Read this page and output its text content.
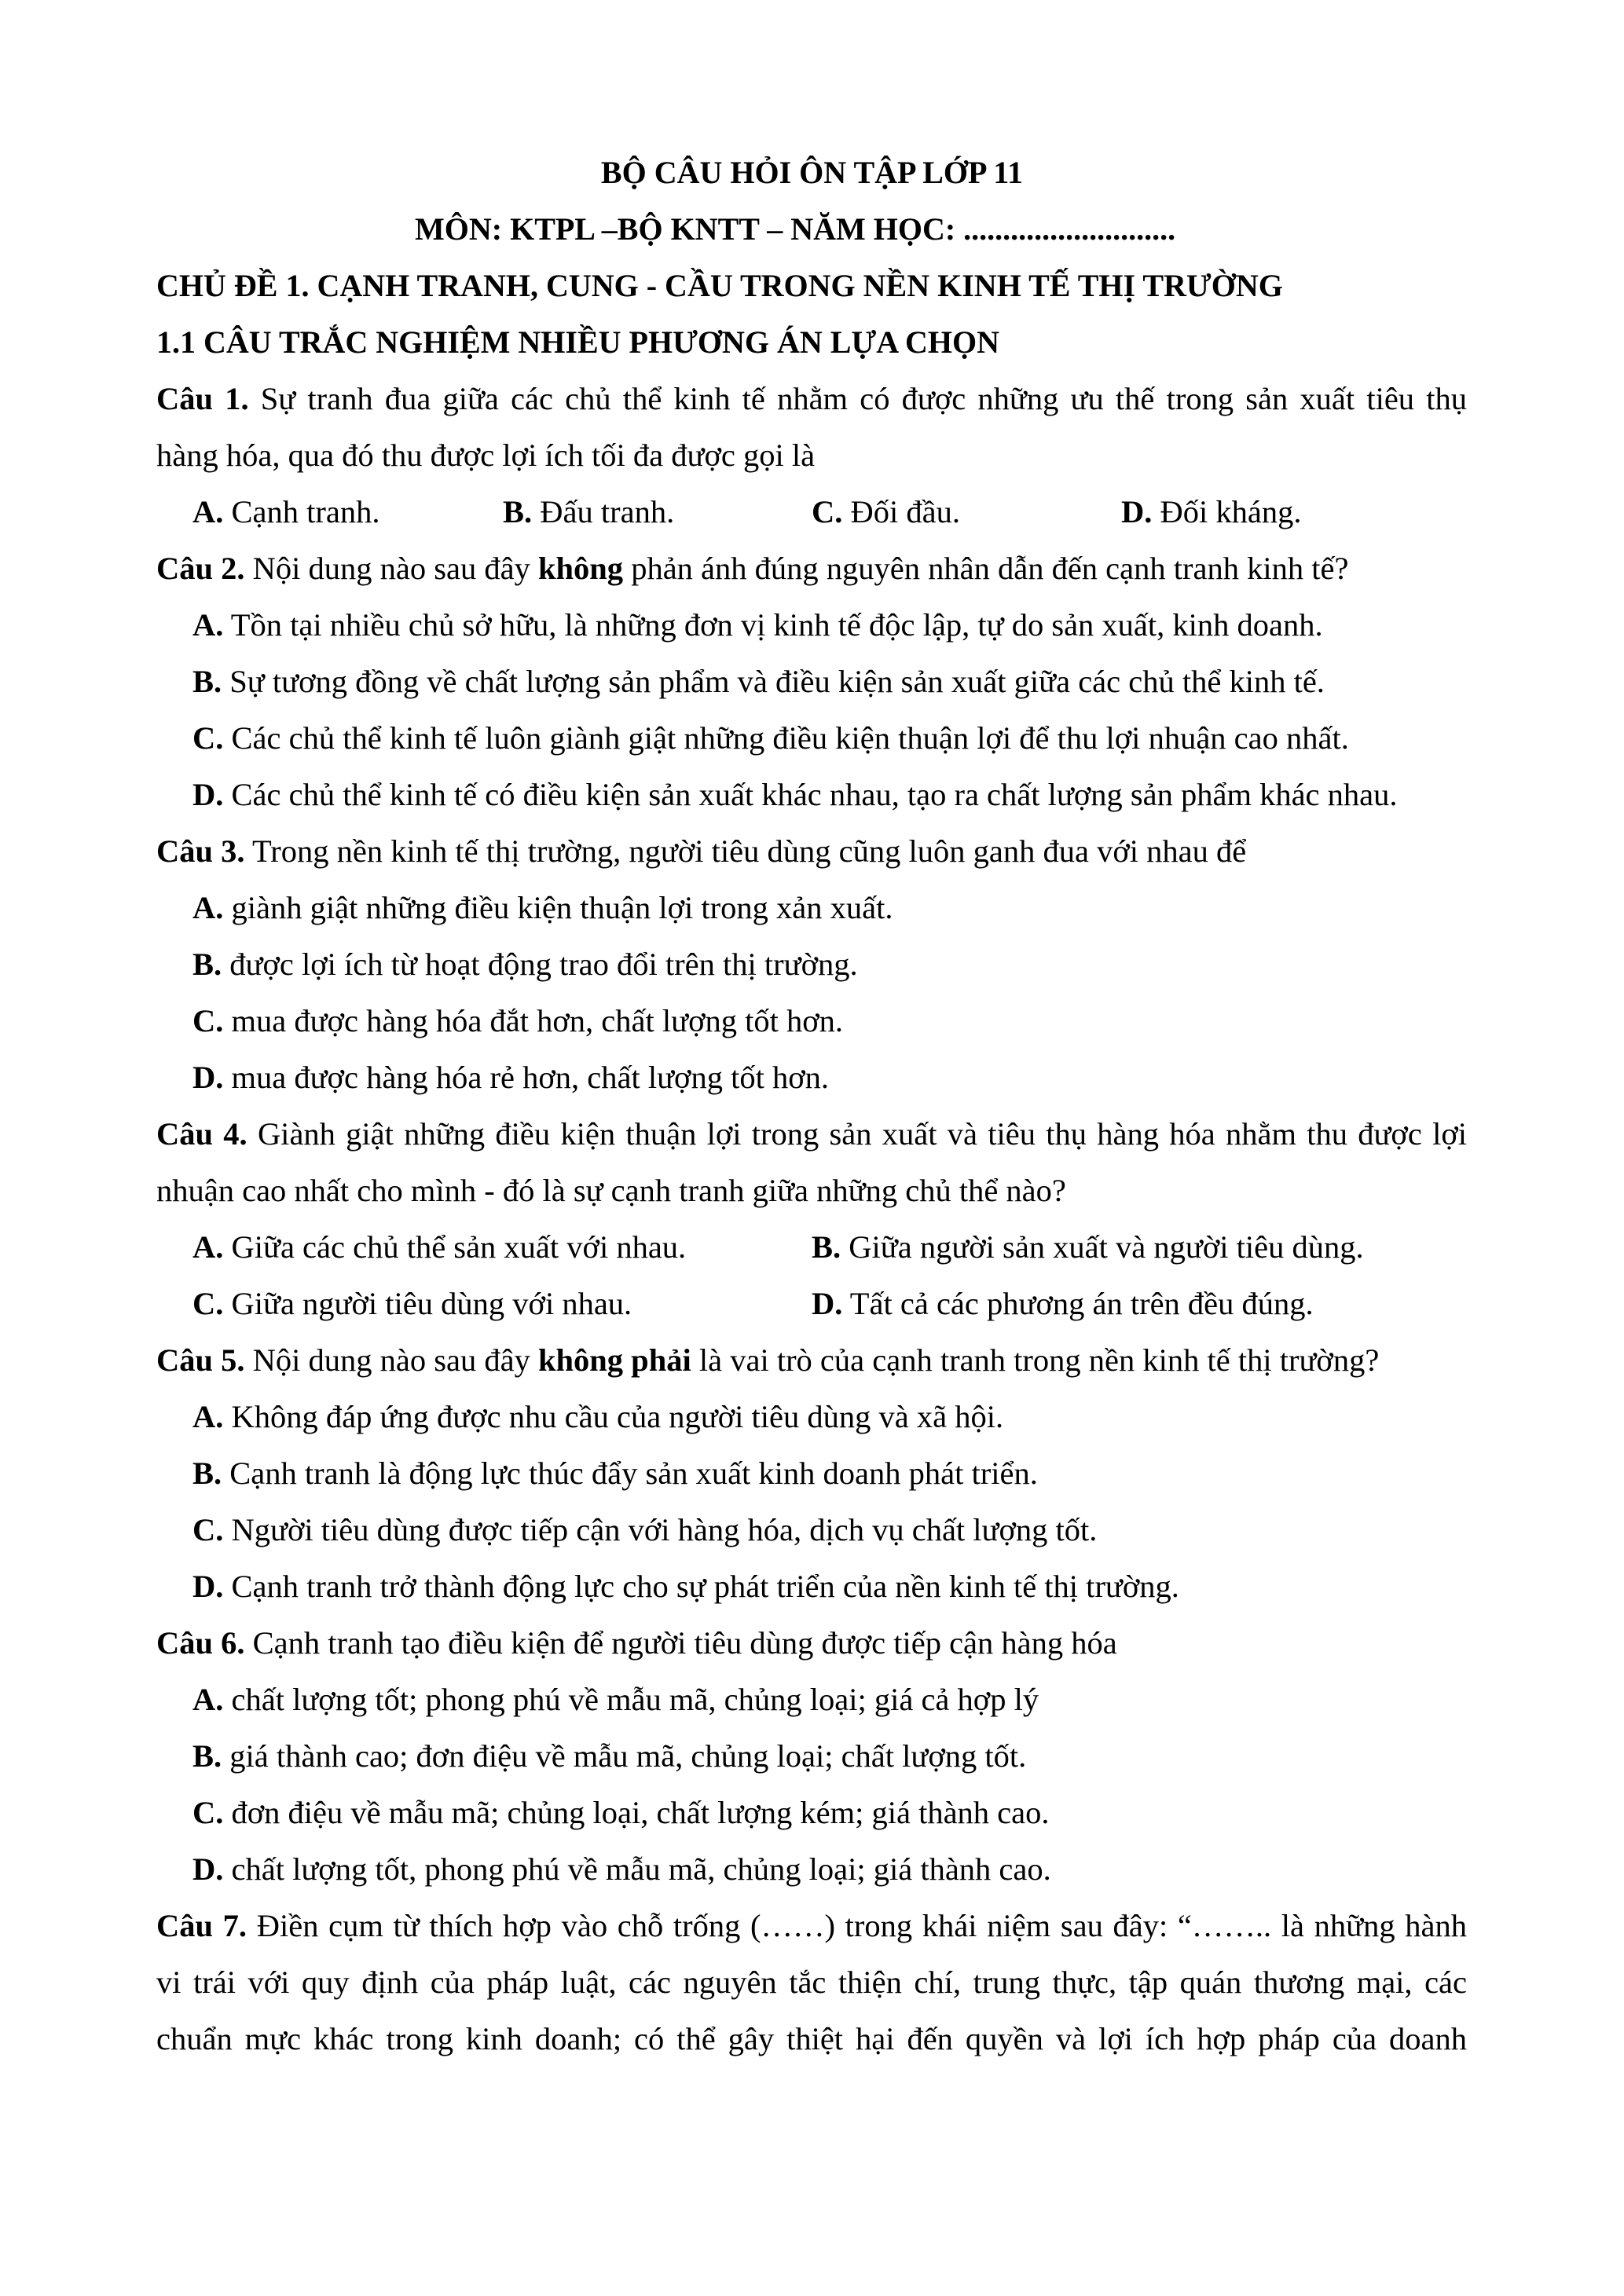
BỘ CÂU HỎI ÔN TẬP LỚP 11
MÔN: KTPL –BỘ KNTT – NĂM HỌC: ...........................
CHỦ ĐỀ 1. CẠNH TRANH, CUNG - CẦU TRONG NỀN KINH TẾ THỊ TRƯỜNG
1.1 CÂU TRẮC NGHIỆM NHIỀU PHƯƠNG ÁN LỰA CHỌN
Câu 1. Sự tranh đua giữa các chủ thể kinh tế nhằm có được những ưu thế trong sản xuất tiêu thụ
hàng hóa, qua đó thu được lợi ích tối đa được gọi là
A. Cạnh tranh.	B. Đấu tranh.	C. Đối đầu.	D. Đối kháng.
Câu 2. Nội dung nào sau đây không phản ánh đúng nguyên nhân dẫn đến cạnh tranh kinh tế?
A. Tồn tại nhiều chủ sở hữu, là những đơn vị kinh tế độc lập, tự do sản xuất, kinh doanh.
B. Sự tương đồng về chất lượng sản phẩm và điều kiện sản xuất giữa các chủ thể kinh tế.
C. Các chủ thể kinh tế luôn giành giật những điều kiện thuận lợi để thu lợi nhuận cao nhất.
D. Các chủ thể kinh tế có điều kiện sản xuất khác nhau, tạo ra chất lượng sản phẩm khác nhau.
Câu 3. Trong nền kinh tế thị trường, người tiêu dùng cũng luôn ganh đua với nhau để
A. giành giật những điều kiện thuận lợi trong xản xuất.
B. được lợi ích từ hoạt động trao đổi trên thị trường.
C. mua được hàng hóa đắt hơn, chất lượng tốt hơn.
D. mua được hàng hóa rẻ hơn, chất lượng tốt hơn.
Câu 4. Giành giật những điều kiện thuận lợi trong sản xuất và tiêu thụ hàng hóa nhằm thu được lợi
nhuận cao nhất cho mình - đó là sự cạnh tranh giữa những chủ thể nào?
A. Giữa các chủ thể sản xuất với nhau.	B. Giữa người sản xuất và người tiêu dùng.
C. Giữa người tiêu dùng với nhau.	D. Tất cả các phương án trên đều đúng.
Câu 5. Nội dung nào sau đây không phải là vai trò của cạnh tranh trong nền kinh tế thị trường?
A. Không đáp ứng được nhu cầu của người tiêu dùng và xã hội.
B. Cạnh tranh là động lực thúc đẩy sản xuất kinh doanh phát triển.
C. Người tiêu dùng được tiếp cận với hàng hóa, dịch vụ chất lượng tốt.
D. Cạnh tranh trở thành động lực cho sự phát triển của nền kinh tế thị trường.
Câu 6. Cạnh tranh tạo điều kiện để người tiêu dùng được tiếp cận hàng hóa
A. chất lượng tốt; phong phú về mẫu mã, chủng loại; giá cả hợp lý
B. giá thành cao; đơn điệu về mẫu mã, chủng loại; chất lượng tốt.
C. đơn điệu về mẫu mã; chủng loại, chất lượng kém; giá thành cao.
D. chất lượng tốt, phong phú về mẫu mã, chủng loại; giá thành cao.
Câu 7. Điền cụm từ thích hợp vào chỗ trống (……) trong khái niệm sau đây: “…….. là những hành
vi trái với quy định của pháp luật, các nguyên tắc thiện chí, trung thực, tập quán thương mại, các
chuẩn mực khác trong kinh doanh; có thể gây thiệt hại đến quyền và lợi ích hợp pháp của doanh
